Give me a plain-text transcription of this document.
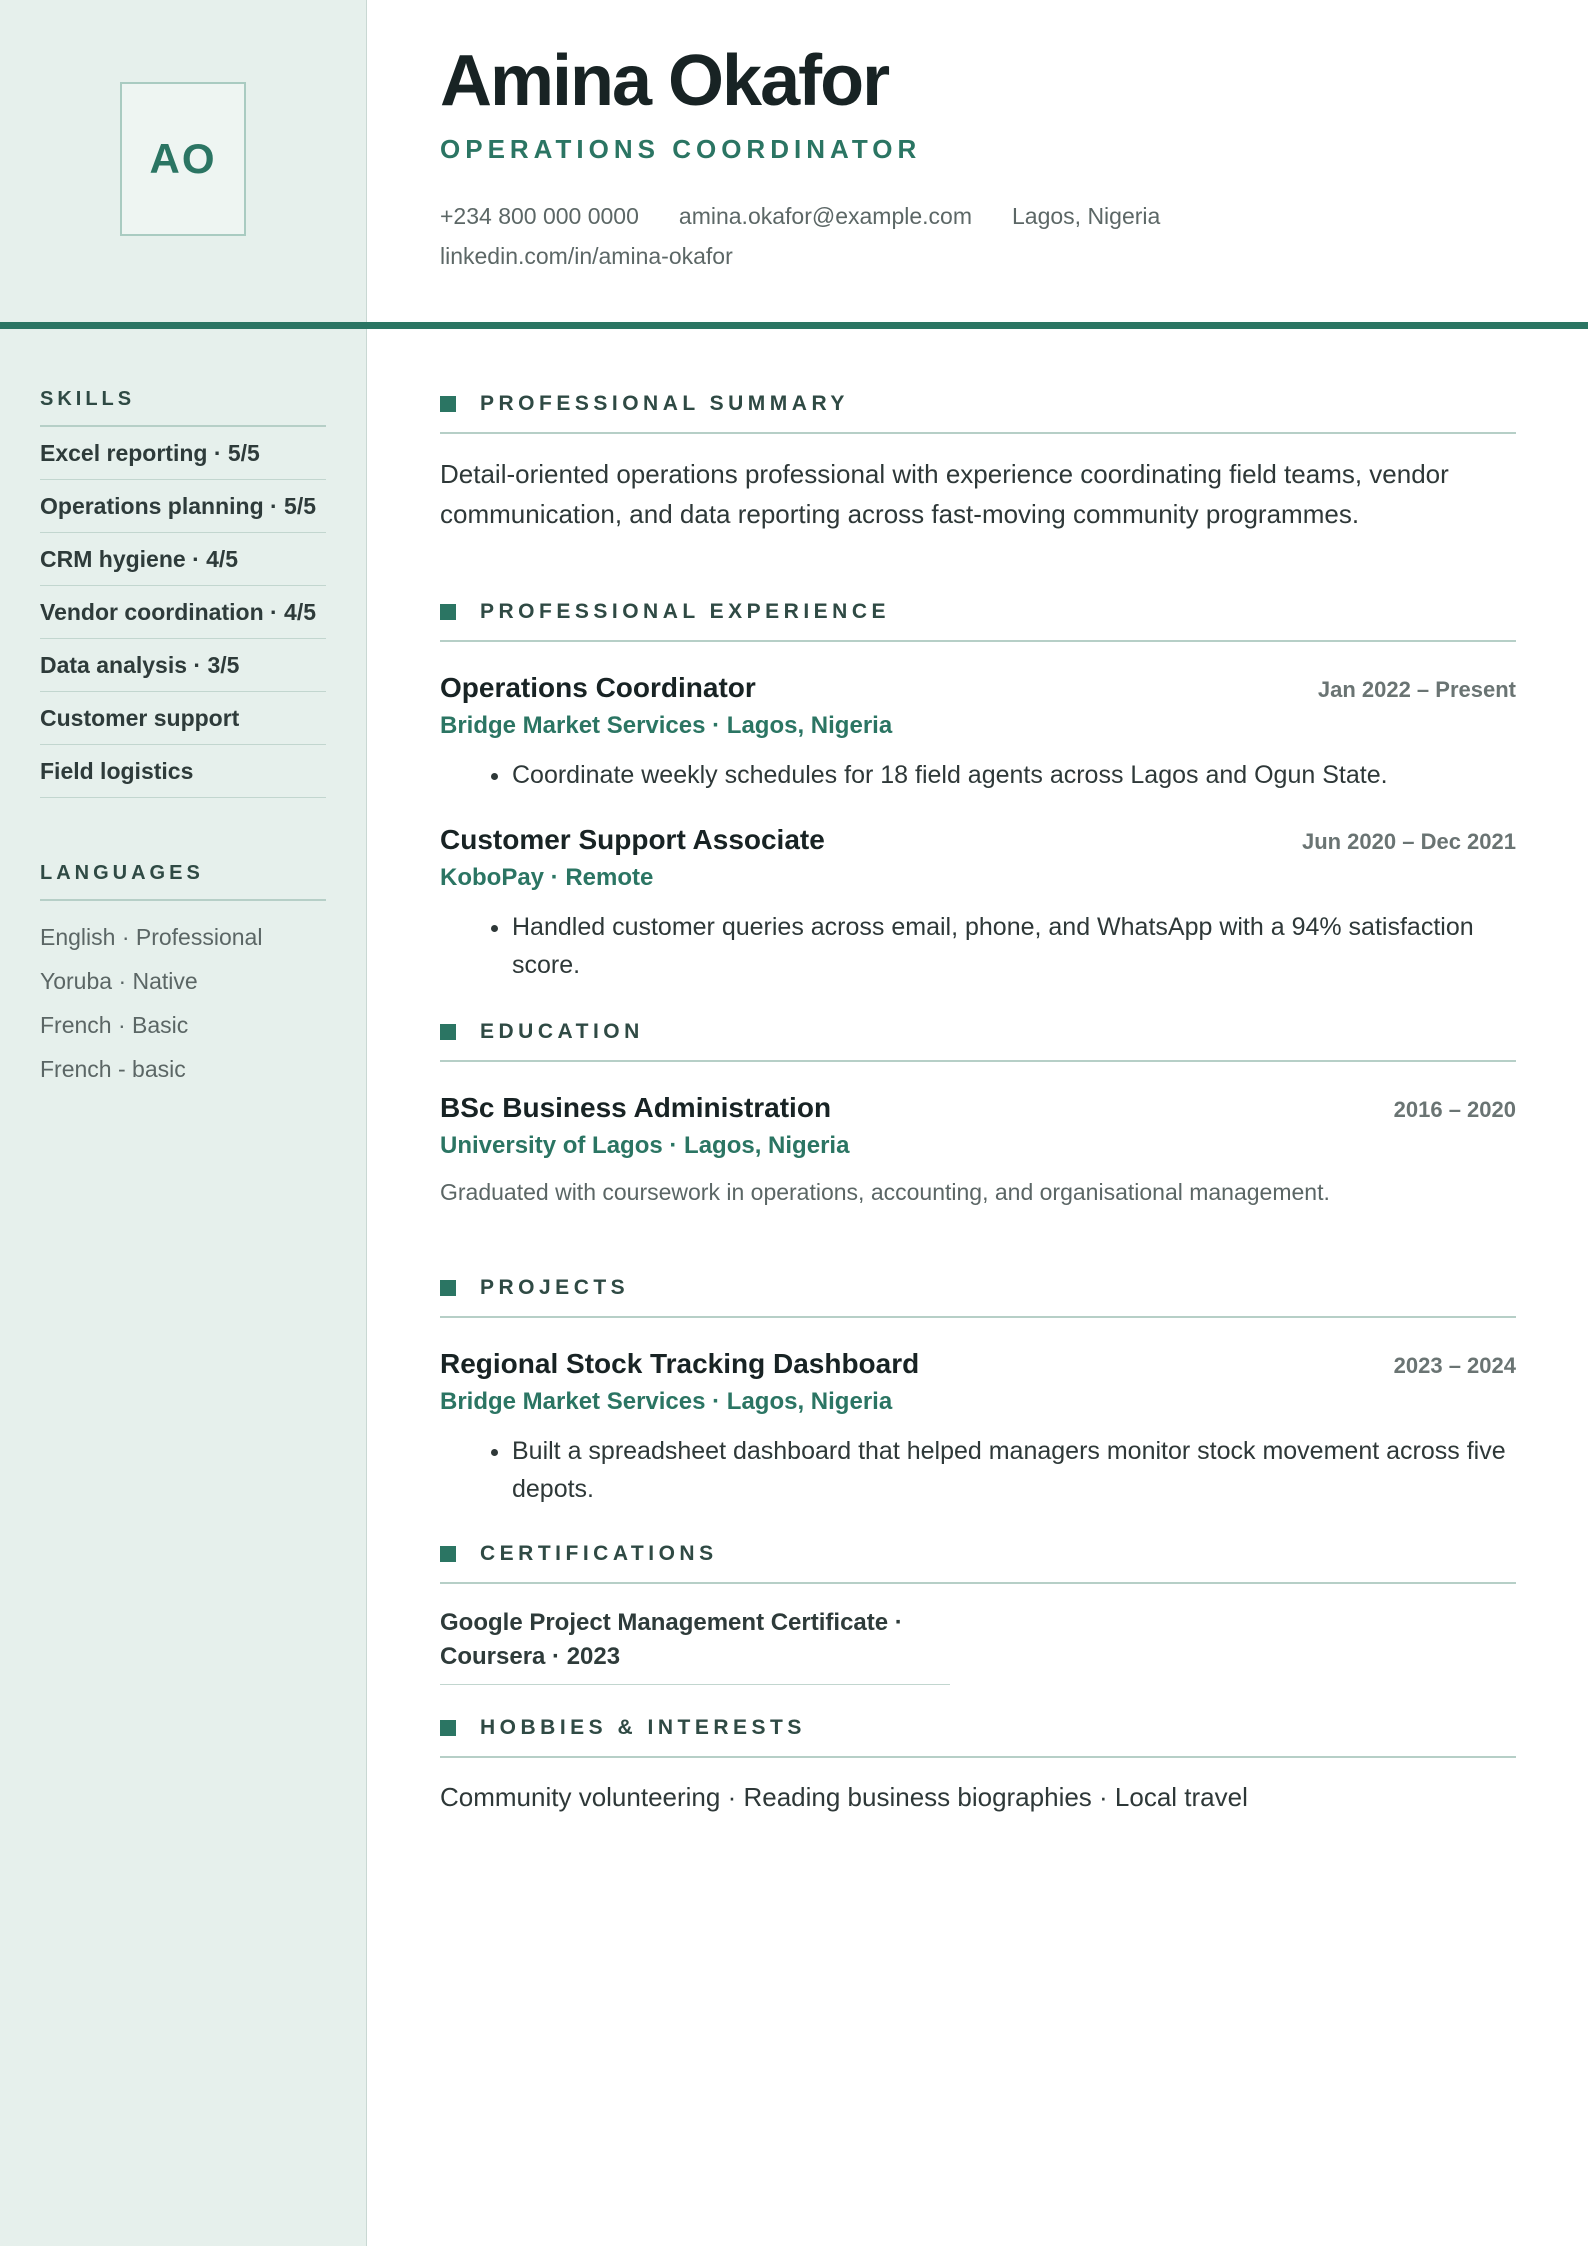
AO
Amina Okafor
OPERATIONS COORDINATOR
+234 800 000 0000 amina.okafor@example.com Lagos, Nigeria
linkedin.com/in/amina-okafor
SKILLS
Excel reporting · 5/5
Operations planning · 5/5
CRM hygiene · 4/5
Vendor coordination · 4/5
Data analysis · 3/5
Customer support
Field logistics
LANGUAGES
English · Professional
Yoruba · Native
French · Basic
French - basic
PROFESSIONAL SUMMARY

Detail-oriented operations professional with experience coordinating field teams, vendor communication, and data reporting across fast-moving community programmes.

PROFESSIONAL EXPERIENCE
Operations Coordinator	Jan 2022 – Present
Bridge Market Services · Lagos, Nigeria
• Coordinate weekly schedules for 18 field agents across Lagos and Ogun State.
Customer Support Associate	Jun 2020 – Dec 2021
KoboPay · Remote
• Handled customer queries across email, phone, and WhatsApp with a 94% satisfaction score.
EDUCATION
BSc Business Administration	2016 – 2020
University of Lagos · Lagos, Nigeria
Graduated with coursework in operations, accounting, and organisational management.
PROJECTS
Regional Stock Tracking Dashboard	2023 – 2024
Bridge Market Services · Lagos, Nigeria
• Built a spreadsheet dashboard that helped managers monitor stock movement across five depots.
CERTIFICATIONS
Google Project Management Certificate ·
Coursera · 2023
HOBBIES & INTERESTS
Community volunteering · Reading business biographies · Local travel
